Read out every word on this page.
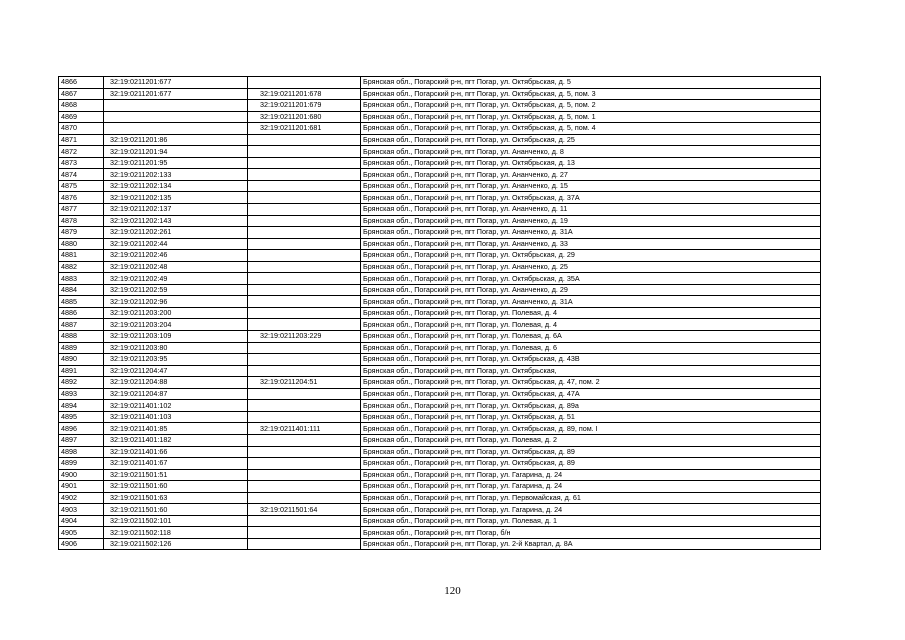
4866	32:19:0211201:677		Брянская обл., Погарский р-н, пгт Погар, ул. Октябрьская, д. 5
4867	32:19:0211201:677	32:19:0211201:678	Брянская обл., Погарский р-н, пгт Погар, ул. Октябрьская, д. 5, пом. 3
4868		32:19:0211201:679	Брянская обл., Погарский р-н, пгт Погар, ул. Октябрьская, д. 5, пом. 2
4869		32:19:0211201:680	Брянская обл., Погарский р-н, пгт Погар, ул. Октябрьская, д. 5, пом. 1
4870		32:19:0211201:681	Брянская обл., Погарский р-н, пгт Погар, ул. Октябрьская, д. 5, пом. 4
4871	32:19:0211201:86		Брянская обл., Погарский р-н, пгт Погар, ул. Октябрьская, д. 25
4872	32:19:0211201:94		Брянская обл., Погарский р-н, пгт Погар, ул. Ананченко, д. 8
4873	32:19:0211201:95		Брянская обл., Погарский р-н, пгт Погар, ул. Октябрьская, д. 13
4874	32:19:0211202:133		Брянская обл., Погарский р-н, пгт Погар, ул. Ананченко, д. 27
4875	32:19:0211202:134		Брянская обл., Погарский р-н, пгт Погар, ул. Ананченко, д. 15
4876	32:19:0211202:135		Брянская обл., Погарский р-н, пгт Погар, ул. Октябрьская, д. 37А
4877	32:19:0211202:137		Брянская обл., Погарский р-н, пгт Погар, ул. Ананченко, д. 11
4878	32:19:0211202:143		Брянская обл., Погарский р-н, пгт Погар, ул. Ананченко, д. 19
4879	32:19:0211202:261		Брянская обл., Погарский р-н, пгт Погар, ул. Ананченко, д. 31А
4880	32:19:0211202:44		Брянская обл., Погарский р-н, пгт Погар, ул. Ананченко, д. 33
4881	32:19:0211202:46		Брянская обл., Погарский р-н, пгт Погар, ул. Октябрьская, д. 29
4882	32:19:0211202:48		Брянская обл., Погарский р-н, пгт Погар, ул. Ананченко, д. 25
4883	32:19:0211202:49		Брянская обл., Погарский р-н, пгт Погар, ул. Октябрьская, д. 35А
4884	32:19:0211202:59		Брянская обл., Погарский р-н, пгт Погар, ул. Ананченко, д. 29
4885	32:19:0211202:96		Брянская обл., Погарский р-н, пгт Погар, ул. Ананченко, д. 31А
4886	32:19:0211203:200		Брянская обл., Погарский р-н, пгт Погар, ул. Полевая, д. 4
4887	32:19:0211203:204		Брянская обл., Погарский р-н, пгт Погар, ул. Полевая, д. 4
4888	32:19:0211203:109	32:19:0211203:229	Брянская обл., Погарский р-н, пгт Погар, ул. Полевая, д. 6А
4889	32:19:0211203:80		Брянская обл., Погарский р-н, пгт Погар, ул. Полевая, д. 6
4890	32:19:0211203:95		Брянская обл., Погарский р-н, пгт Погар, ул. Октябрьская, д. 43В
4891	32:19:0211204:47		Брянская обл., Погарский р-н, пгт Погар, ул. Октябрьская,
4892	32:19:0211204:88	32:19:0211204:51	Брянская обл., Погарский р-н, пгт Погар, ул. Октябрьская, д. 47, пом. 2
4893	32:19:0211204:87		Брянская обл., Погарский р-н, пгт Погар, ул. Октябрьская, д. 47А
4894	32:19:0211401:102		Брянская обл., Погарский р-н, пгт Погар, ул. Октябрьская, д. 89а
4895	32:19:0211401:103		Брянская обл., Погарский р-н, пгт Погар, ул. Октябрьская, д. 51
4896	32:19:0211401:85	32:19:0211401:111	Брянская обл., Погарский р-н, пгт Погар, ул. Октябрьская, д. 89, пом. I
4897	32:19:0211401:182		Брянская обл., Погарский р-н, пгт Погар, ул. Полевая, д. 2
4898	32:19:0211401:66		Брянская обл., Погарский р-н, пгт Погар, ул. Октябрьская, д. 89
4899	32:19:0211401:67		Брянская обл., Погарский р-н, пгт Погар, ул. Октябрьская, д. 89
4900	32:19:0211501:51		Брянская обл., Погарский р-н, пгт Погар, ул. Гагарина, д. 24
4901	32:19:0211501:60		Брянская обл., Погарский р-н, пгт Погар, ул. Гагарина, д. 24
4902	32:19:0211501:63		Брянская обл., Погарский р-н, пгт Погар, ул. Первомайская, д. 61
4903	32:19:0211501:60	32:19:0211501:64	Брянская обл., Погарский р-н, пгт Погар, ул. Гагарина, д. 24
4904	32:19:0211502:101		Брянская обл., Погарский р-н, пгт Погар, ул. Полевая, д. 1
4905	32:19:0211502:118		Брянская обл., Погарский р-н, пгт Погар, б/н
4906	32:19:0211502:126		Брянская обл., Погарский р-н, пгт Погар, ул. 2-й Квартал, д. 8А
120
